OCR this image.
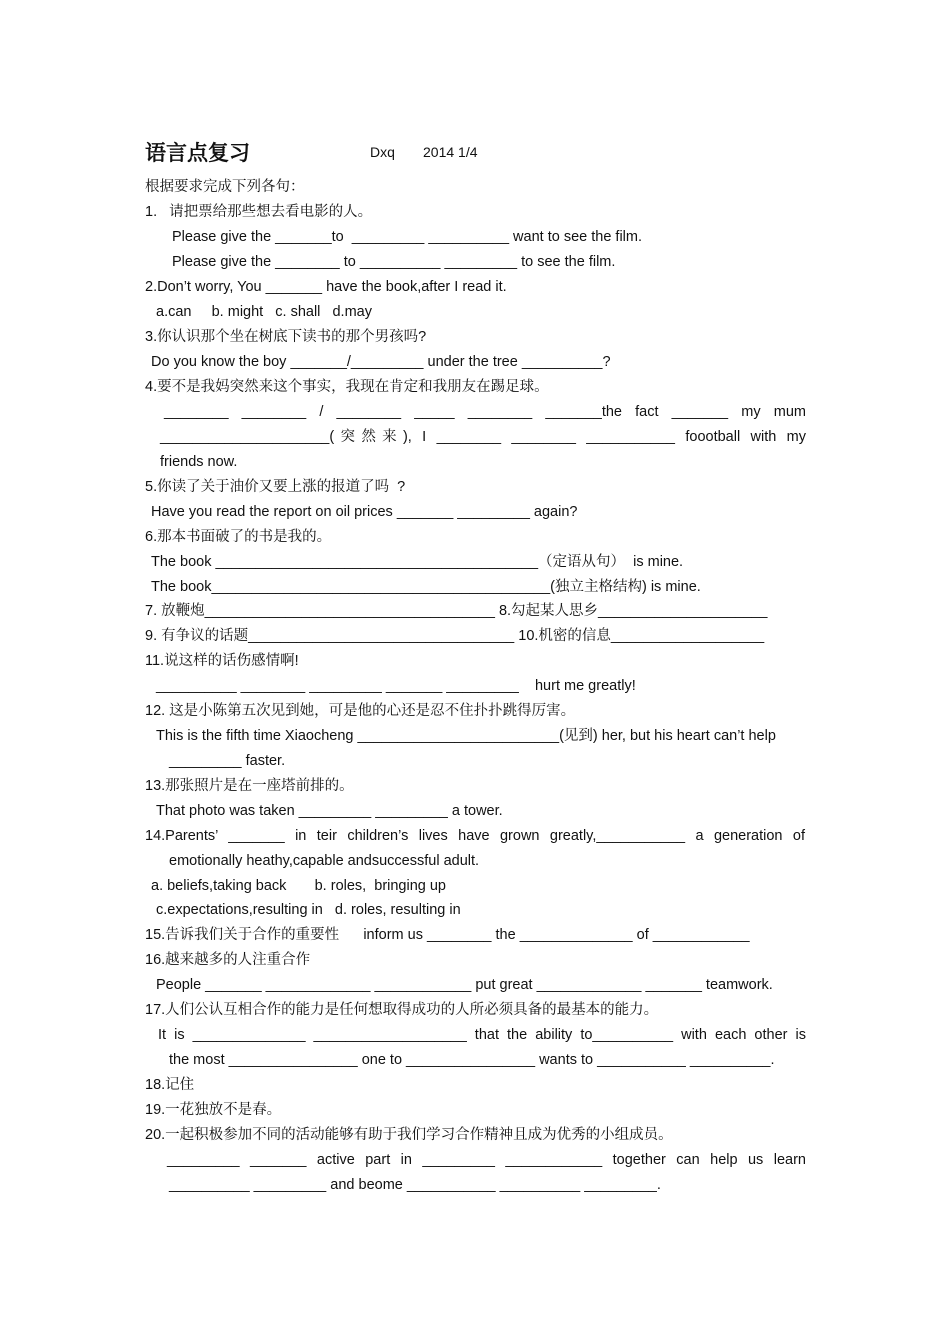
语言点复习	Dxq 2014 1/4
根据要求完成下列各句：
1.   请把票给那些想去看电影的人。
Please give the _______to  _________ __________ want to see the film.
Please give the ________ to __________ _________ to see the film.
2.Don’t worry, You _______ have the book,after I read it.
a.can     b. might   c. shall   d.may
3.你认识那个坐在树底下读书的那个男孩吗?
Do you know the boy _______/_________ under the tree __________?
4.要不是我妈突然来这个事实，我现在肯定和我朋友在踢足球。
________ ________ / ________ _____ ________ _______the fact _______ my mum
_____________________(突然来), I ________ ________ ___________ foootball with my
friends now.
5.你读了关于油价又要上涨的报道了吗  ?
Have you read the report on oil prices _______ _________ again?
6.那本书面破了的书是我的。
The book ________________________________________（定语从句）  is mine.
The book__________________________________________(独立主格结构) is mine.
7. 放鞭炮____________________________________ 8.勾起某人思乡_____________________
9. 有争议的话题_________________________________ 10.机密的信息___________________
11.说这样的话伤感情啊!
__________ ________ _________ _______ _________    hurt me greatly!
12. 这是小陈第五次见到她，可是他的心还是忍不住扑扑跳得厉害。
This is the fifth time Xiaocheng _________________________(见到) her, but his heart can’t help
_________ faster.
13.那张照片是在一座塔前排的。
That photo was taken _________ _________ a tower.
14.Parents’ _______ in teir children’s lives have grown greatly,___________ a generation of
emotionally heathy,capable andsuccessful adult.
a. beliefs,taking back       b. roles,  bringing up
c.expectations,resulting in   d. roles, resulting in
15.告诉我们关于合作的重要性      inform us ________ the ______________ of ____________
16.越来越多的人注重合作
People _______ _____________ ____________ put great _____________ _______ teamwork.
17.人们公认互相合作的能力是任何想取得成功的人所必须具备的最基本的能力。
It is ______________ ___________________ that the ability to__________ with each other is
the most ________________ one to ________________ wants to ___________ __________.
18.记住
19.一花独放不是春。
20.一起积极参加不同的活动能够有助于我们学习合作精神且成为优秀的小组成员。
_________ _______ active part in _________ ____________ together can help us learn
__________ _________ and beome ___________ __________ _________.
